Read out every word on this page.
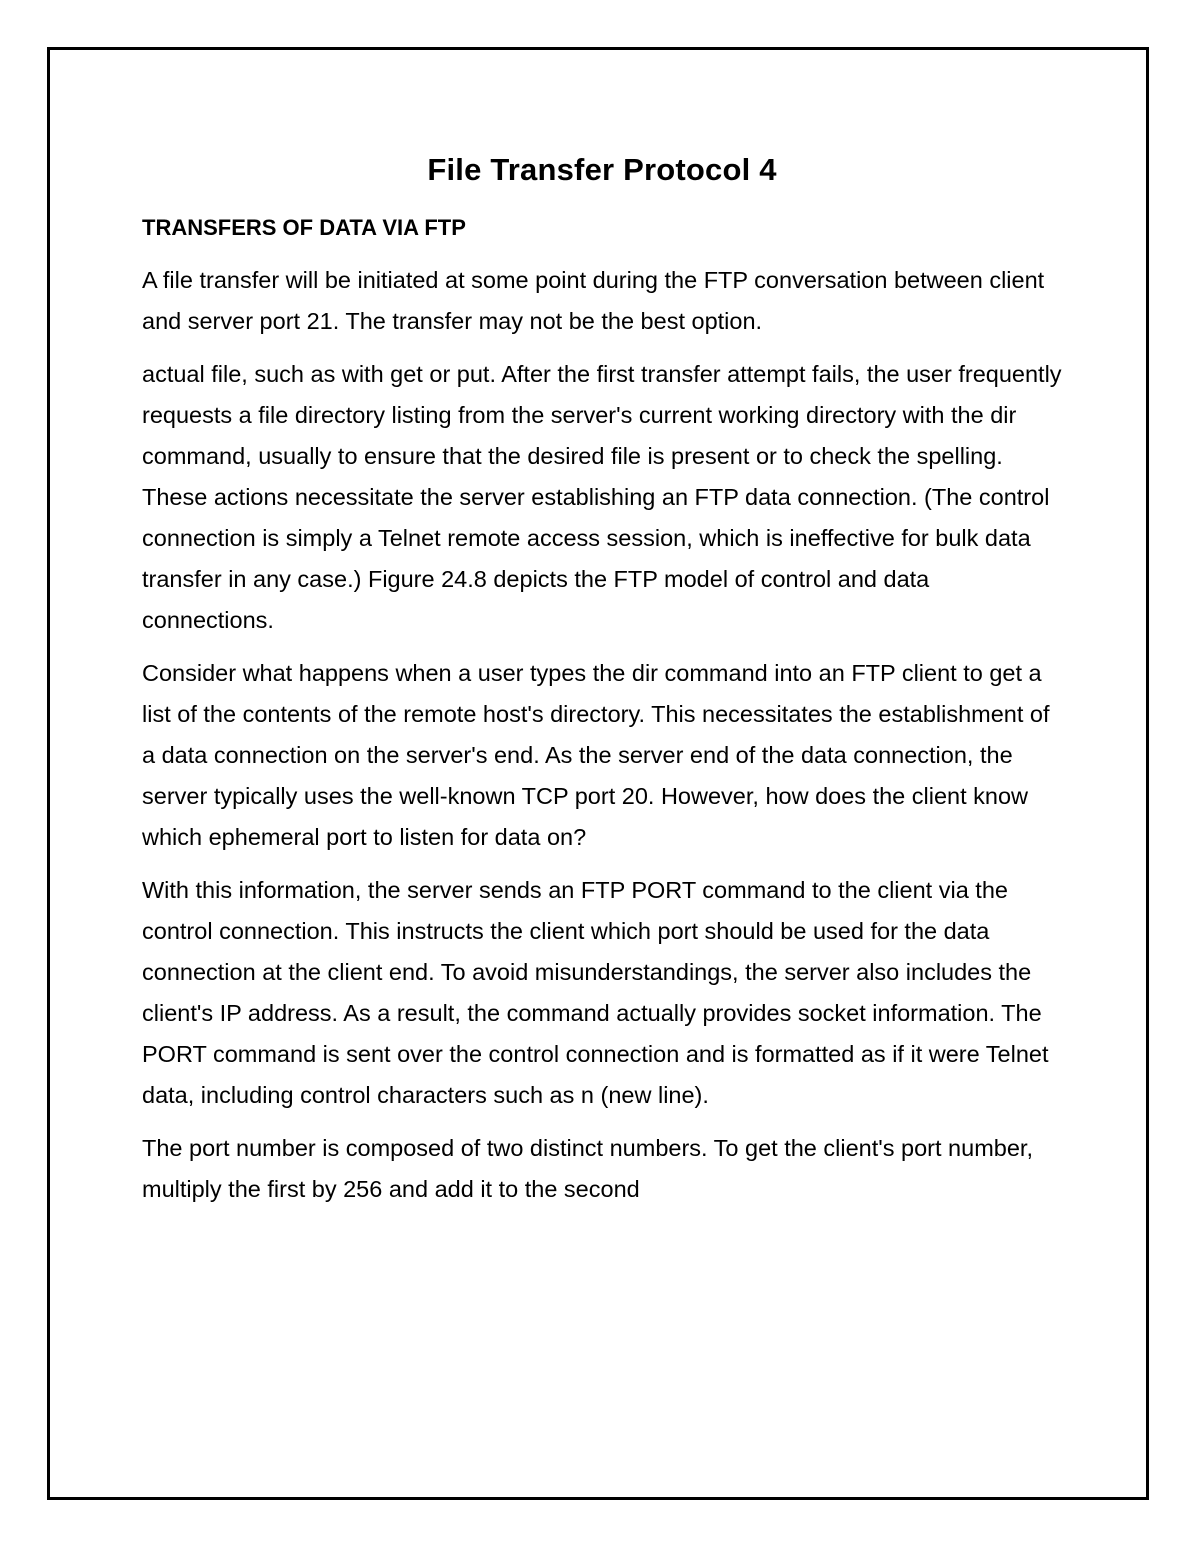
File Transfer Protocol 4
TRANSFERS OF DATA VIA FTP

A file transfer will be initiated at some point during the FTP conversation between client and server port 21. The transfer may not be the best option.

actual file, such as with get or put. After the first transfer attempt fails, the user frequently requests a file directory listing from the server's current working directory with the dir command, usually to ensure that the desired file is present or to check the spelling. These actions necessitate the server establishing an FTP data connection. (The control connection is simply a Telnet remote access session, which is ineffective for bulk data transfer in any case.) Figure 24.8 depicts the FTP model of control and data connections.

Consider what happens when a user types the dir command into an FTP client to get a list of the contents of the remote host's directory. This necessitates the establishment of a data connection on the server's end. As the server end of the data connection, the server typically uses the well-known TCP port 20. However, how does the client know which ephemeral port to listen for data on?

With this information, the server sends an FTP PORT command to the client via the control connection. This instructs the client which port should be used for the data connection at the client end. To avoid misunderstandings, the server also includes the client's IP address. As a result, the command actually provides socket information. The PORT command is sent over the control connection and is formatted as if it were Telnet data, including control characters such as n (new line).

The port number is composed of two distinct numbers. To get the client's port number, multiply the first by 256 and add it to the second
